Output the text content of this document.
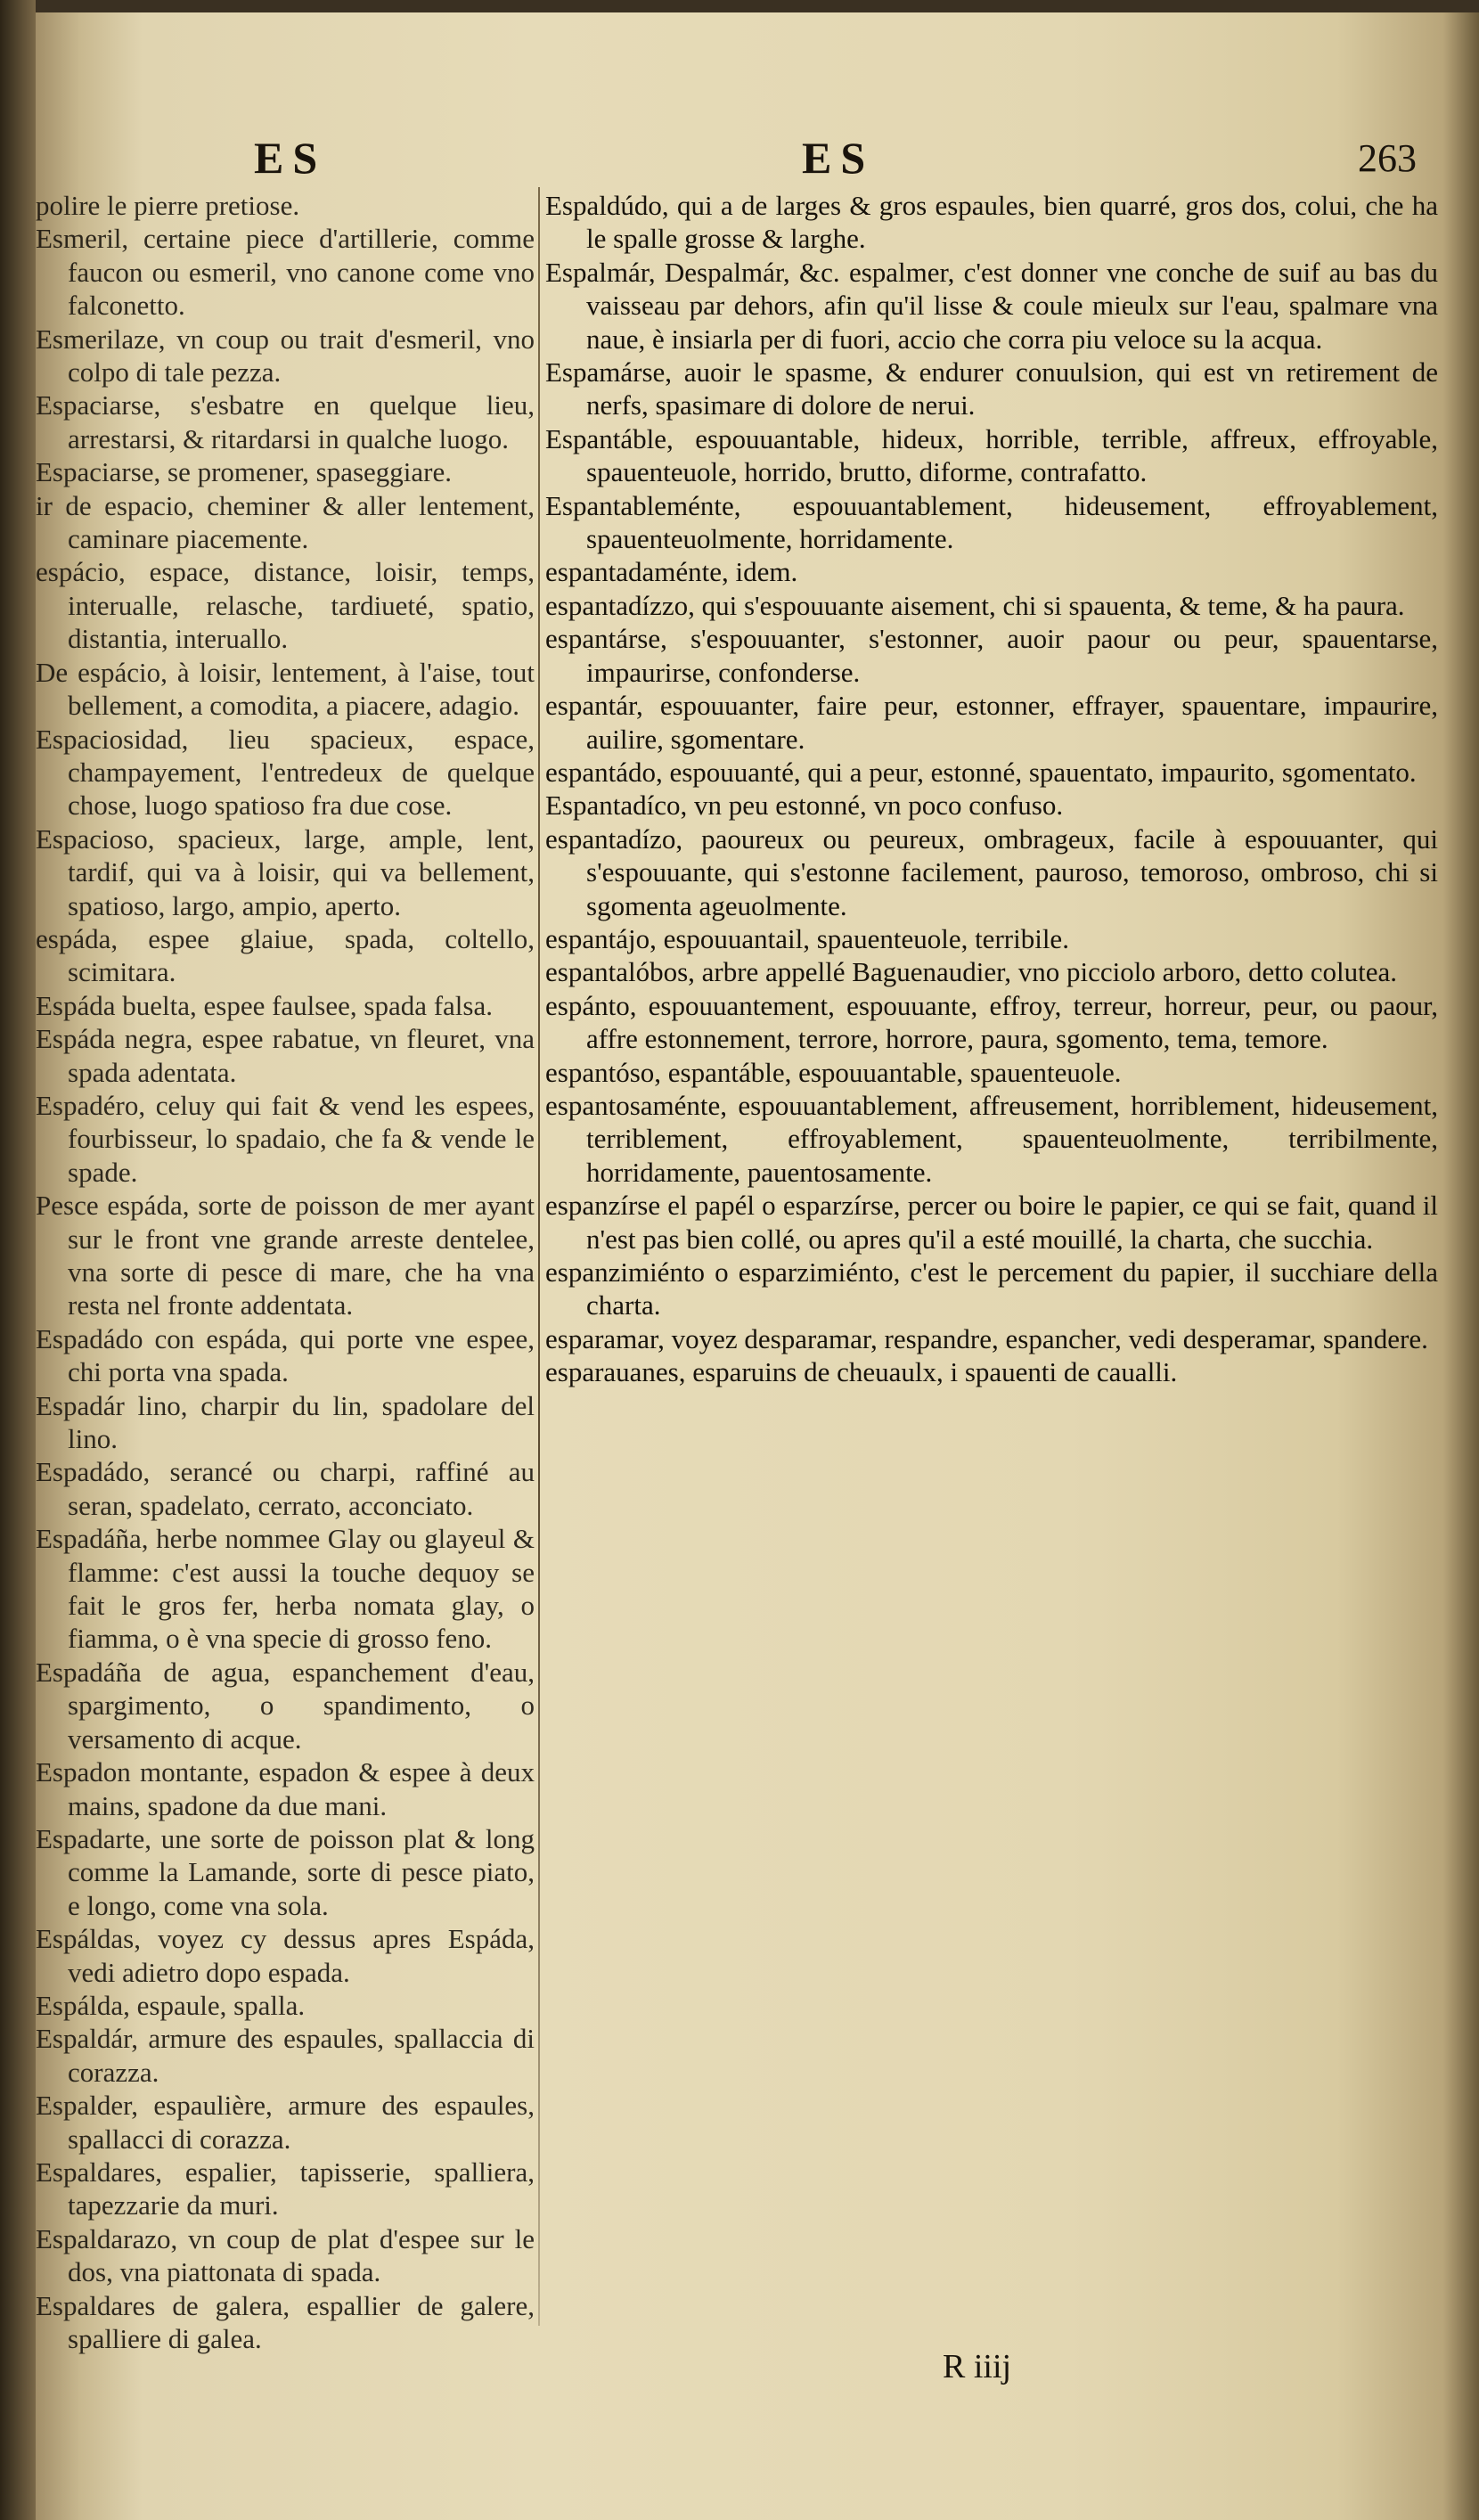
ES	ES	263

polire le pierre pretiose.

Esmeril, certaine piece d'artillerie, comme faucon ou esmeril, vno canone come vno falconetto.

Esmerilaze, vn coup ou trait d'esmeril, vno colpo di tale pezza.

Espaciarse, s'esbatre en quelque lieu, arrestarsi, & ritardarsi in qualche luogo.

Espaciarse, se promener, spaseggiare.

ir de espacio, cheminer & aller lentement, caminare piacemente.

espácio, espace, distance, loisir, temps, interualle, relasche, tardiueté, spatio, distantia, interuallo.

De espácio, à loisir, lentement, à l'aise, tout bellement, a comodita, a piacere, adagio.

Espaciosidad, lieu spacieux, espace, champayement, l'entredeux de quelque chose, luogo spatioso fra due cose.

Espacioso, spacieux, large, ample, lent, tardif, qui va à loisir, qui va bellement, spatioso, largo, ampio, aperto.

espáda, espee glaiue, spada, coltello, scimitara.

Espáda buelta, espee faulsee, spada falsa.

Espáda negra, espee rabatue, vn fleuret, vna spada adentata.

Espadéro, celuy qui fait & vend les espees, fourbisseur, lo spadaio, che fa & vende le spade.

Pesce espáda, sorte de poisson de mer ayant sur le front vne grande arreste dentelee, vna sorte di pesce di mare, che ha vna resta nel fronte addentata.

Espadádo con espáda, qui porte vne espee, chi porta vna spada.

Espadár lino, charpir du lin, spadolare del lino.

Espadádo, serancé ou charpi, raffiné au seran, spadelato, cerrato, acconciato.

Espadáña, herbe nommee Glay ou glayeul & flamme: c'est aussi la touche dequoy se fait le gros fer, herba nomata glay, o fiamma, o è vna specie di grosso feno.

Espadáña de agua, espanchement d'eau, spargimento, o spandimento, o versamento di acque.

Espadon montante, espadon & espee à deux mains, spadone da due mani.

Espadarte, une sorte de poisson plat & long comme la Lamande, sorte di pesce piato, e longo, come vna sola.

Espáldas, voyez cy dessus apres Espáda, vedi adietro dopo espada.

Espálda, espaule, spalla.

Espaldár, armure des espaules, spallaccia di corazza.

Espalder, espaulière, armure des espaules, spallacci di corazza.

Espaldares, espalier, tapisserie, spalliera, tapezzarie da muri.

Espaldarazo, vn coup de plat d'espee sur le dos, vna piattonata di spada.

Espaldares de galera, espallier de galere, spalliere di galea.

Espaldúdo, qui a de larges & gros espaules, bien quarré, gros dos, colui, che ha le spalle grosse & larghe.

Espalmár, Despalmár, &c. espalmer, c'est donner vne conche de suif au bas du vaisseau par dehors, afin qu'il lisse & coule mieulx sur l'eau, spalmare vna naue, è insiarla per di fuori, accio che corra piu veloce su la acqua.

Espamárse, auoir le spasme, & endurer conuulsion, qui est vn retirement de nerfs, spasimare di dolore de nerui.

Espantáble, espouuantable, hideux, horrible, terrible, affreux, effroyable, spauenteuole, horrido, brutto, diforme, contrafatto.

Espantableménte, espouuantablement, hideusement, effroyablement, spauenteuolmente, horridamente.

espantadaménte, idem.

espantadízzo, qui s'espouuante aisement, chi si spauenta, & teme, & ha paura.

espantárse, s'espouuanter, s'estonner, auoir paour ou peur, spauentarse, impaurirse, confonderse.

espantár, espouuanter, faire peur, estonner, effrayer, spauentare, impaurire, auilire, sgomentare.

espantádo, espouuanté, qui a peur, estonné, spauentato, impaurito, sgomentato.

Espantadíco, vn peu estonné, vn poco confuso.

espantadízo, paoureux ou peureux, ombrageux, facile à espouuanter, qui s'espouuante, qui s'estonne facilement, pauroso, temoroso, ombroso, chi si sgomenta ageuolmente.

espantájo, espouuantail, spauenteuole, terribile.

espantalóbos, arbre appellé Baguenaudier, vno picciolo arboro, detto colutea.

espánto, espouuantement, espouuante, effroy, terreur, horreur, peur, ou paour, affre estonnement, terrore, horrore, paura, sgomento, tema, temore.

espantóso, espantáble, espouuantable, spauenteuole.

espantosaménte, espouuantablement, affreusement, horriblement, hideusement, terriblement, effroyablement, spauenteuolmente, terribilmente, horridamente, pauentosamente.

espanzírse el papél o esparzírse, percer ou boire le papier, ce qui se fait, quand il n'est pas bien collé, ou apres qu'il a esté mouillé, la charta, che succhia.

espanzimiénto o esparzimiénto, c'est le percement du papier, il succhiare della charta.

esparamar, voyez desparamar, respandre, espancher, vedi desperamar, spandere.

esparauanes, esparuins de cheuaulx, i spauenti de caualli.

R iiij
